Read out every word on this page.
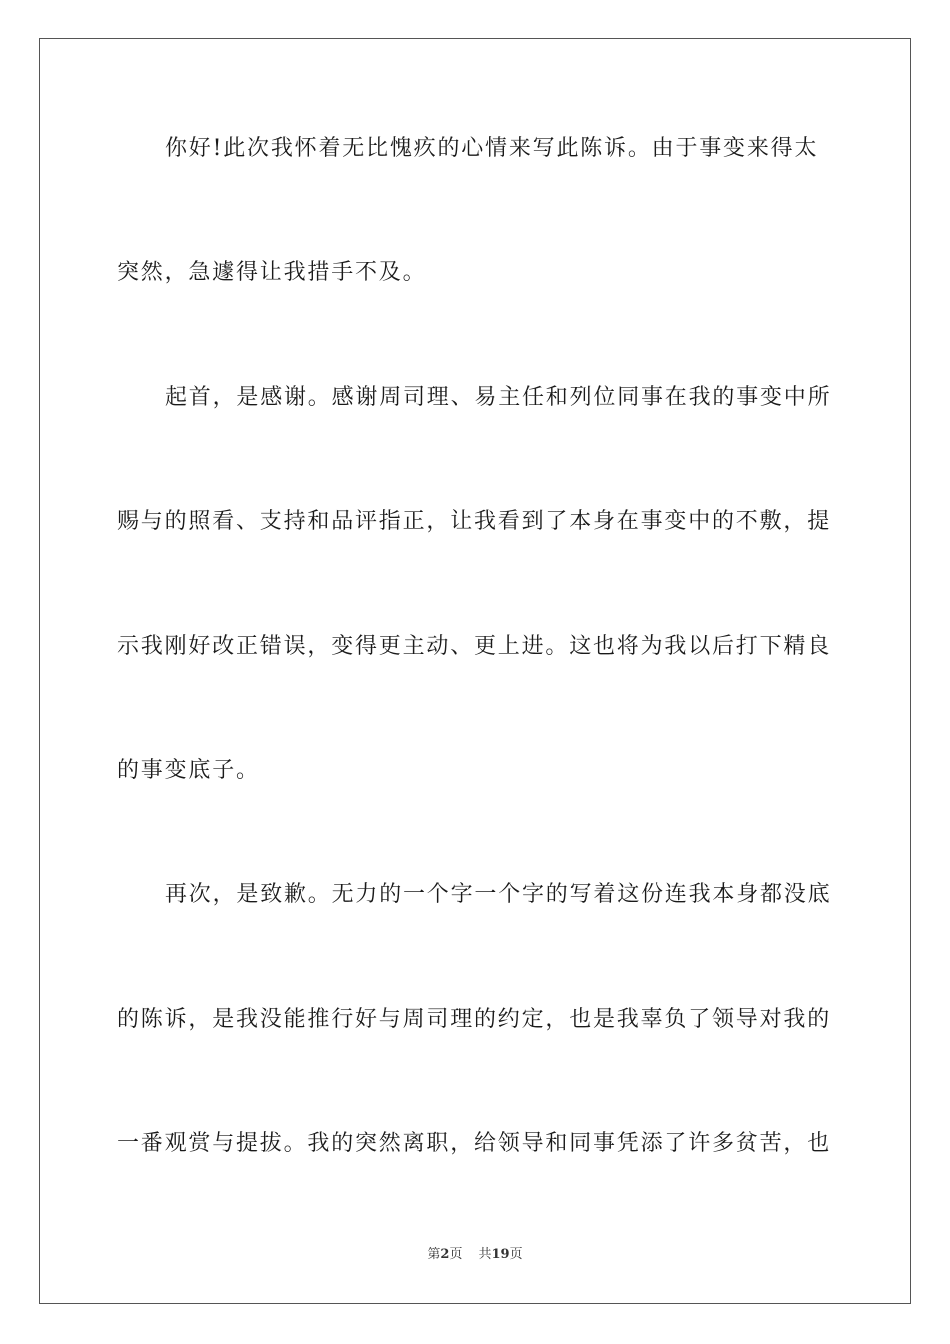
你好!此次我怀着无比愧疚的心情来写此陈诉。由于事变来得太
突然，急遽得让我措手不及。
起首，是感谢。感谢周司理、易主任和列位同事在我的事变中所
赐与的照看、支持和品评指正，让我看到了本身在事变中的不敷，提
示我刚好改正错误，变得更主动、更上进。这也将为我以后打下精良
的事变底子。
再次，是致歉。无力的一个字一个字的写着这份连我本身都没底
的陈诉，是我没能推行好与周司理的约定，也是我辜负了领导对我的
一番观赏与提拔。我的突然离职，给领导和同事凭添了许多贫苦，也
第2页 共19页
